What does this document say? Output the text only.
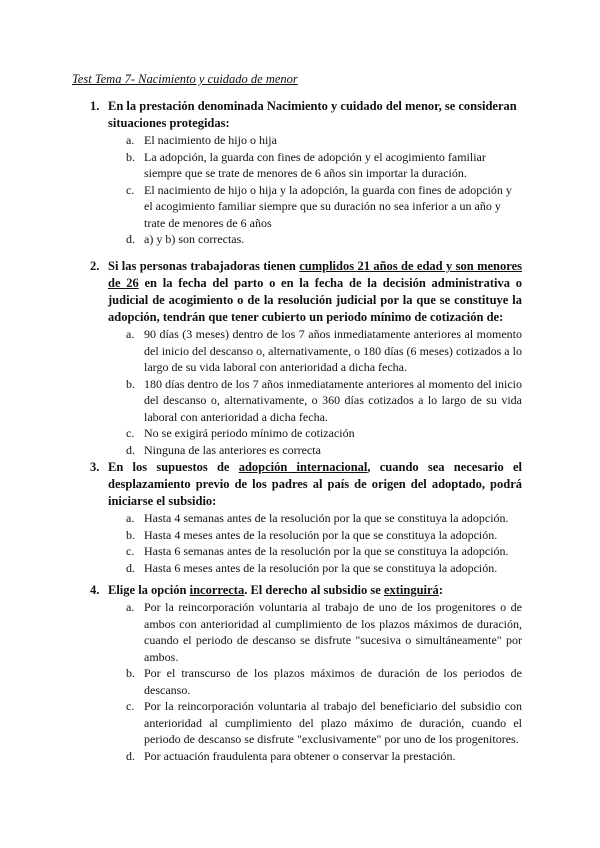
Test Tema 7- Nacimiento y cuidado de menor
1. En la prestación denominada Nacimiento y cuidado del menor, se consideran situaciones protegidas:
a. El nacimiento de hijo o hija
b. La adopción, la guarda con fines de adopción y el acogimiento familiar siempre que se trate de menores de 6 años sin importar la duración.
c. El nacimiento de hijo o hija y la adopción, la guarda con fines de adopción y el acogimiento familiar siempre que su duración no sea inferior a un año y trate de menores de 6 años
d. a) y b) son correctas.
2. Si las personas trabajadoras tienen cumplidos 21 años de edad y son menores de 26 en la fecha del parto o en la fecha de la decisión administrativa o judicial de acogimiento o de la resolución judicial por la que se constituye la adopción, tendrán que tener cubierto un periodo mínimo de cotización de:
a. 90 días (3 meses) dentro de los 7 años inmediatamente anteriores al momento del inicio del descanso o, alternativamente, o 180 días (6 meses) cotizados a lo largo de su vida laboral con anterioridad a dicha fecha.
b. 180 días dentro de los 7 años inmediatamente anteriores al momento del inicio del descanso o, alternativamente, o 360 días cotizados a lo largo de su vida laboral con anterioridad a dicha fecha.
c. No se exigirá periodo mínimo de cotización
d. Ninguna de las anteriores es correcta
3. En los supuestos de adopción internacional, cuando sea necesario el desplazamiento previo de los padres al país de origen del adoptado, podrá iniciarse el subsidio:
a. Hasta 4 semanas antes de la resolución por la que se constituya la adopción.
b. Hasta 4 meses antes de la resolución por la que se constituya la adopción.
c. Hasta 6 semanas antes de la resolución por la que se constituya la adopción.
d. Hasta 6 meses antes de la resolución por la que se constituya la adopción.
4. Elige la opción incorrecta. El derecho al subsidio se extinguirá:
a. Por la reincorporación voluntaria al trabajo de uno de los progenitores o de ambos con anterioridad al cumplimiento de los plazos máximos de duración, cuando el periodo de descanso se disfrute "sucesiva o simultáneamente" por ambos.
b. Por el transcurso de los plazos máximos de duración de los periodos de descanso.
c. Por la reincorporación voluntaria al trabajo del beneficiario del subsidio con anterioridad al cumplimiento del plazo máximo de duración, cuando el periodo de descanso se disfrute "exclusivamente" por uno de los progenitores.
d. Por actuación fraudulenta para obtener o conservar la prestación.
